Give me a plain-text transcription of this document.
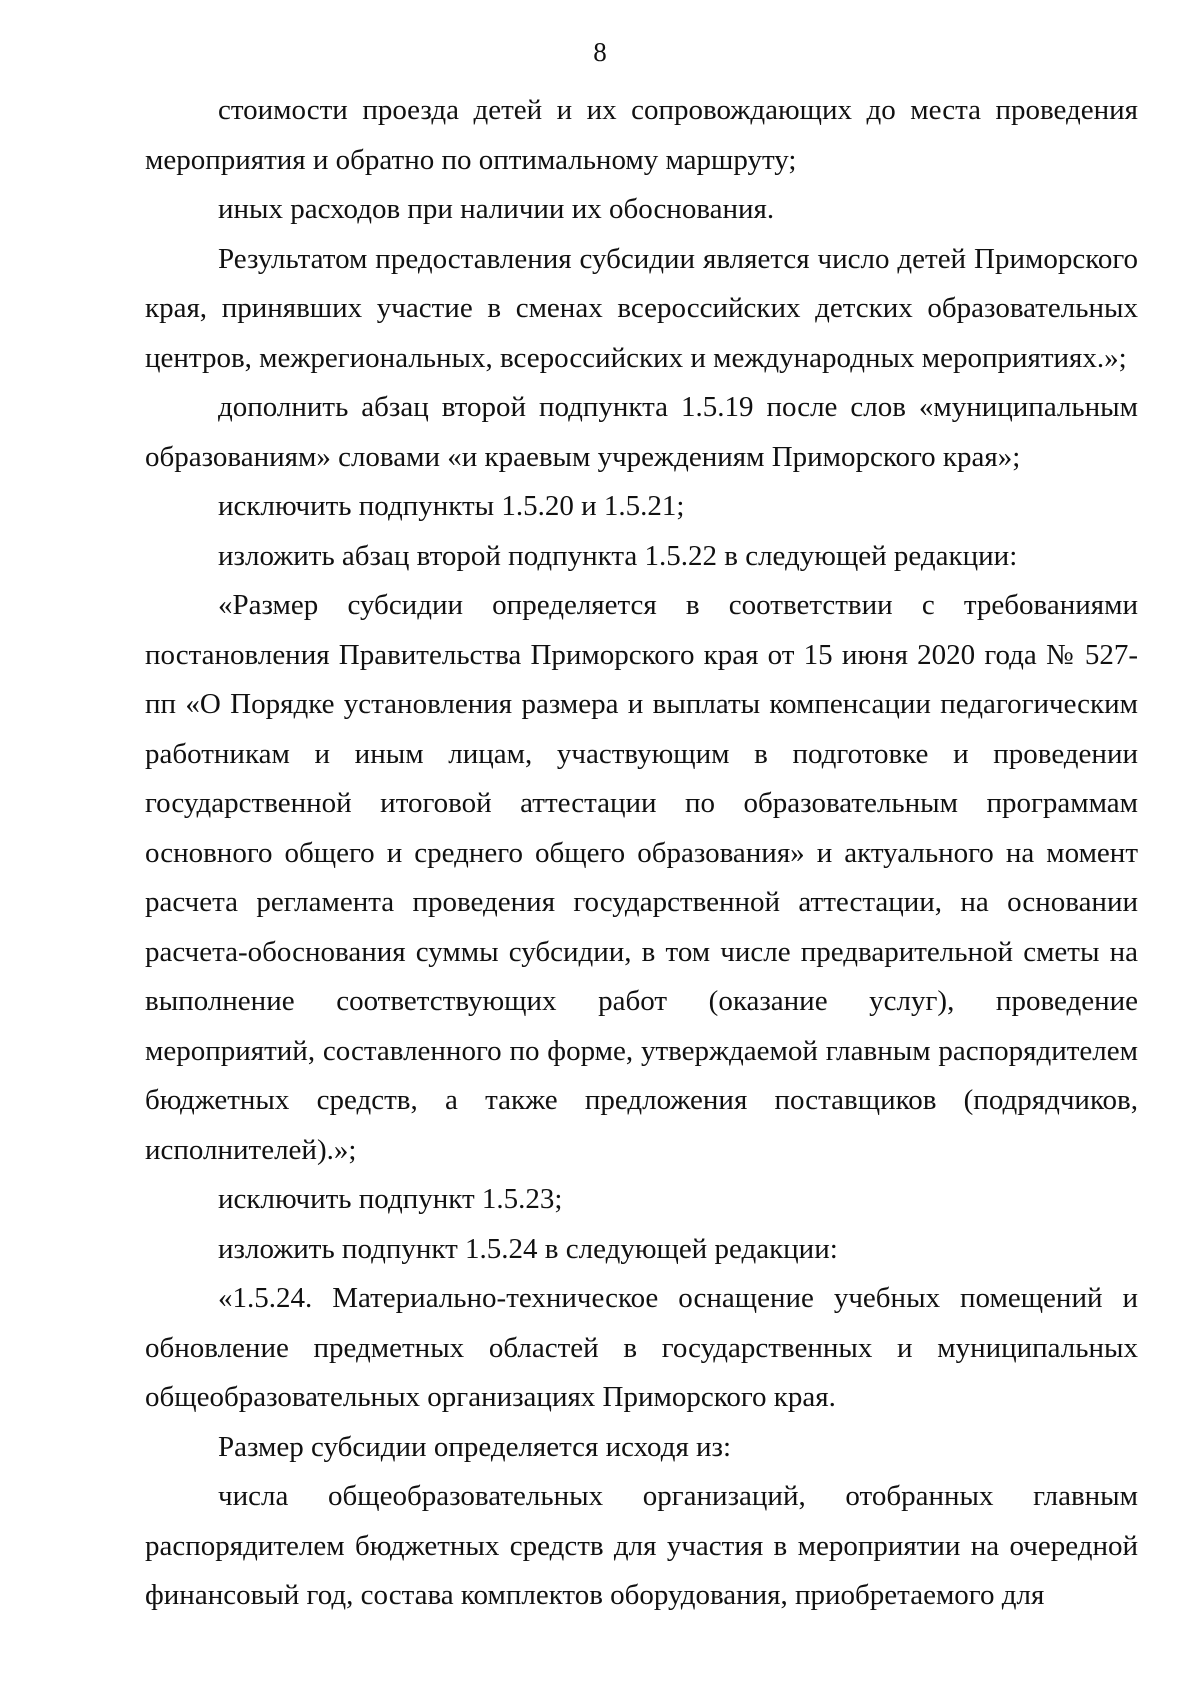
8

стоимости проезда детей и их сопровождающих до места проведения мероприятия и обратно по оптимальному маршруту;

иных расходов при наличии их обоснования.

Результатом предоставления субсидии является число детей Приморского края, принявших участие в сменах всероссийских детских образовательных центров, межрегиональных, всероссийских и международных мероприятиях.»;

дополнить абзац второй подпункта 1.5.19 после слов «муниципальным образованиям» словами «и краевым учреждениям Приморского края»;

исключить подпункты 1.5.20 и 1.5.21;

изложить абзац второй подпункта 1.5.22 в следующей редакции:

«Размер субсидии определяется в соответствии с требованиями постановления Правительства Приморского края от 15 июня 2020 года № 527-пп «О Порядке установления размера и выплаты компенсации педагогическим работникам и иным лицам, участвующим в подготовке и проведении государственной итоговой аттестации по образовательным программам основного общего и среднего общего образования» и актуального на момент расчета регламента проведения государственной аттестации, на основании расчета-обоснования суммы субсидии, в том числе предварительной сметы на выполнение соответствующих работ (оказание услуг), проведение мероприятий, составленного по форме, утверждаемой главным распорядителем бюджетных средств, а также предложения поставщиков (подрядчиков, исполнителей).»;

исключить подпункт 1.5.23;

изложить подпункт 1.5.24 в следующей редакции:

«1.5.24. Материально-техническое оснащение учебных помещений и обновление предметных областей в государственных и муниципальных общеобразовательных организациях Приморского края.

Размер субсидии определяется исходя из:

числа общеобразовательных организаций, отобранных главным распорядителем бюджетных средств для участия в мероприятии на очередной финансовый год, состава комплектов оборудования, приобретаемого для
